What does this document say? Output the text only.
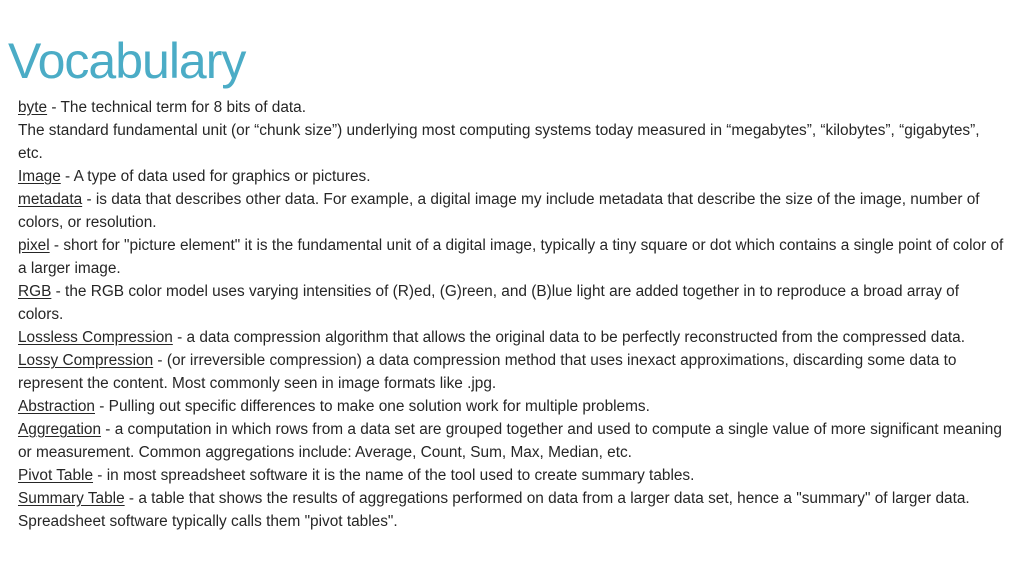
Vocabulary

byte - The technical term for 8 bits of data.

The standard fundamental unit (or “chunk size”) underlying most computing systems today measured in “megabytes”, “kilobytes”, “gigabytes”, etc.

Image - A type of data used for graphics or pictures.

metadata - is data that describes other data. For example, a digital image my include metadata that describe the size of the image, number of colors, or resolution.

pixel - short for "picture element" it is the fundamental unit of a digital image, typically a tiny square or dot which contains a single point of color of a larger image.

RGB - the RGB color model uses varying intensities of (R)ed, (G)reen, and (B)lue light are added together in to reproduce a broad array of colors.

Lossless Compression - a data compression algorithm that allows the original data to be perfectly reconstructed from the compressed data.

Lossy Compression - (or irreversible compression) a data compression method that uses inexact approximations, discarding some data to represent the content. Most commonly seen in image formats like .jpg.

Abstraction - Pulling out specific differences to make one solution work for multiple problems.

Aggregation - a computation in which rows from a data set are grouped together and used to compute a single value of more significant meaning or measurement. Common aggregations include: Average, Count, Sum, Max, Median, etc.

Pivot Table - in most spreadsheet software it is the name of the tool used to create summary tables.

Summary Table - a table that shows the results of aggregations performed on data from a larger data set, hence a "summary" of larger data. Spreadsheet software typically calls them "pivot tables".
